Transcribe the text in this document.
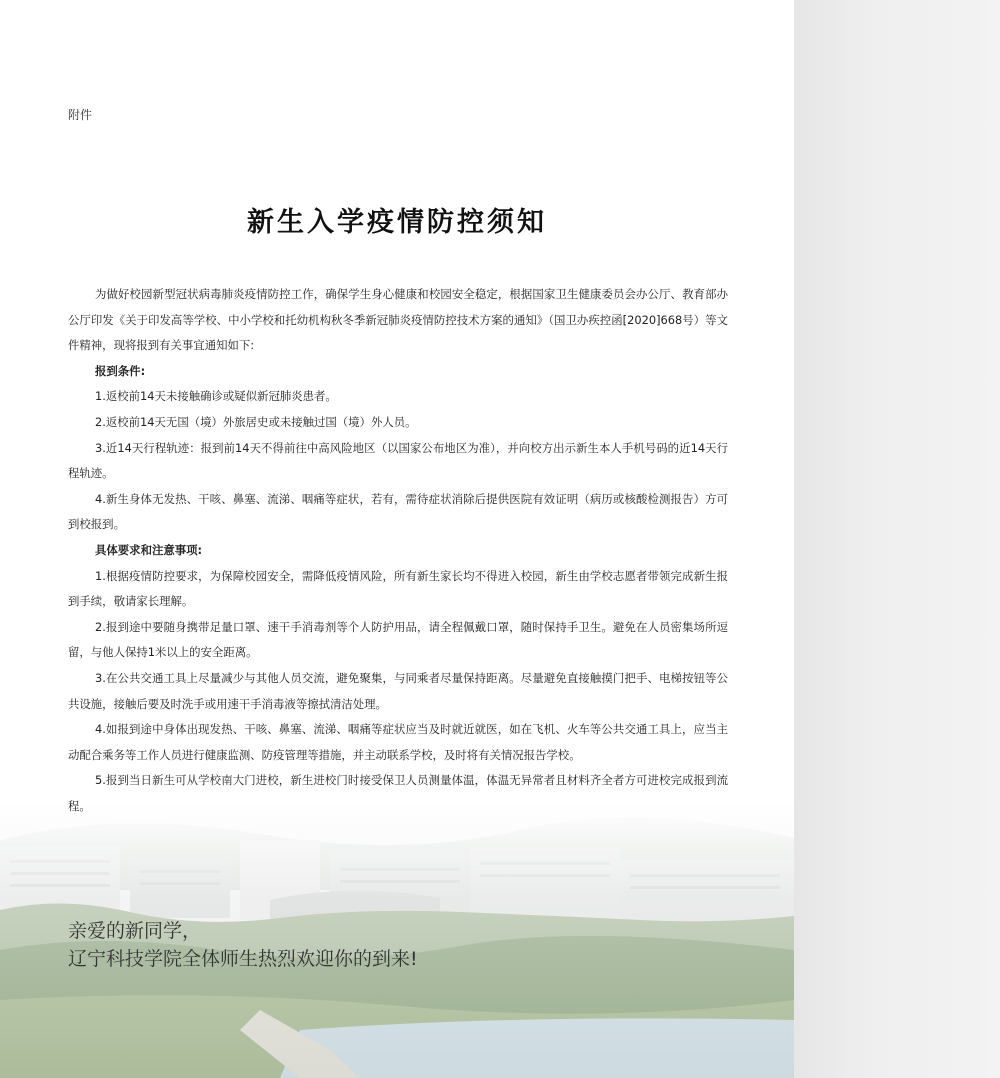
附件
新生入学疫情防控须知

为做好校园新型冠状病毒肺炎疫情防控工作，确保学生身心健康和校园安全稳定，根据国家卫生健康委员会办公厅、教育部办公厅印发《关于印发高等学校、中小学校和托幼机构秋冬季新冠肺炎疫情防控技术方案的通知》（国卫办疾控函[2020]668号）等文件精神，现将报到有关事宜通知如下:

报到条件:

1.返校前14天未接触确诊或疑似新冠肺炎患者。

2.返校前14天无国（境）外旅居史或未接触过国（境）外人员。

3.近14天行程轨迹：报到前14天不得前往中高风险地区（以国家公布地区为准），并向校方出示新生本人手机号码的近14天行程轨迹。

4.新生身体无发热、干咳、鼻塞、流涕、咽痛等症状，若有，需待症状消除后提供医院有效证明（病历或核酸检测报告）方可到校报到。

具体要求和注意事项:

1.根据疫情防控要求，为保障校园安全，需降低疫情风险，所有新生家长均不得进入校园，新生由学校志愿者带领完成新生报到手续，敬请家长理解。

2.报到途中要随身携带足量口罩、速干手消毒剂等个人防护用品，请全程佩戴口罩，随时保持手卫生。避免在人员密集场所逗留，与他人保持1米以上的安全距离。

3.在公共交通工具上尽量减少与其他人员交流，避免聚集，与同乘者尽量保持距离。尽量避免直接触摸门把手、电梯按钮等公共设施，接触后要及时洗手或用速干手消毒液等擦拭清洁处理。

4.如报到途中身体出现发热、干咳、鼻塞、流涕、咽痛等症状应当及时就近就医，如在飞机、火车等公共交通工具上，应当主动配合乘务等工作人员进行健康监测、防疫管理等措施，并主动联系学校，及时将有关情况报告学校。

5.报到当日新生可从学校南大门进校，新生进校门时接受保卫人员测量体温，体温无异常者且材料齐全者方可进校完成报到流程。

亲爱的新同学，
辽宁科技学院全体师生热烈欢迎你的到来!
